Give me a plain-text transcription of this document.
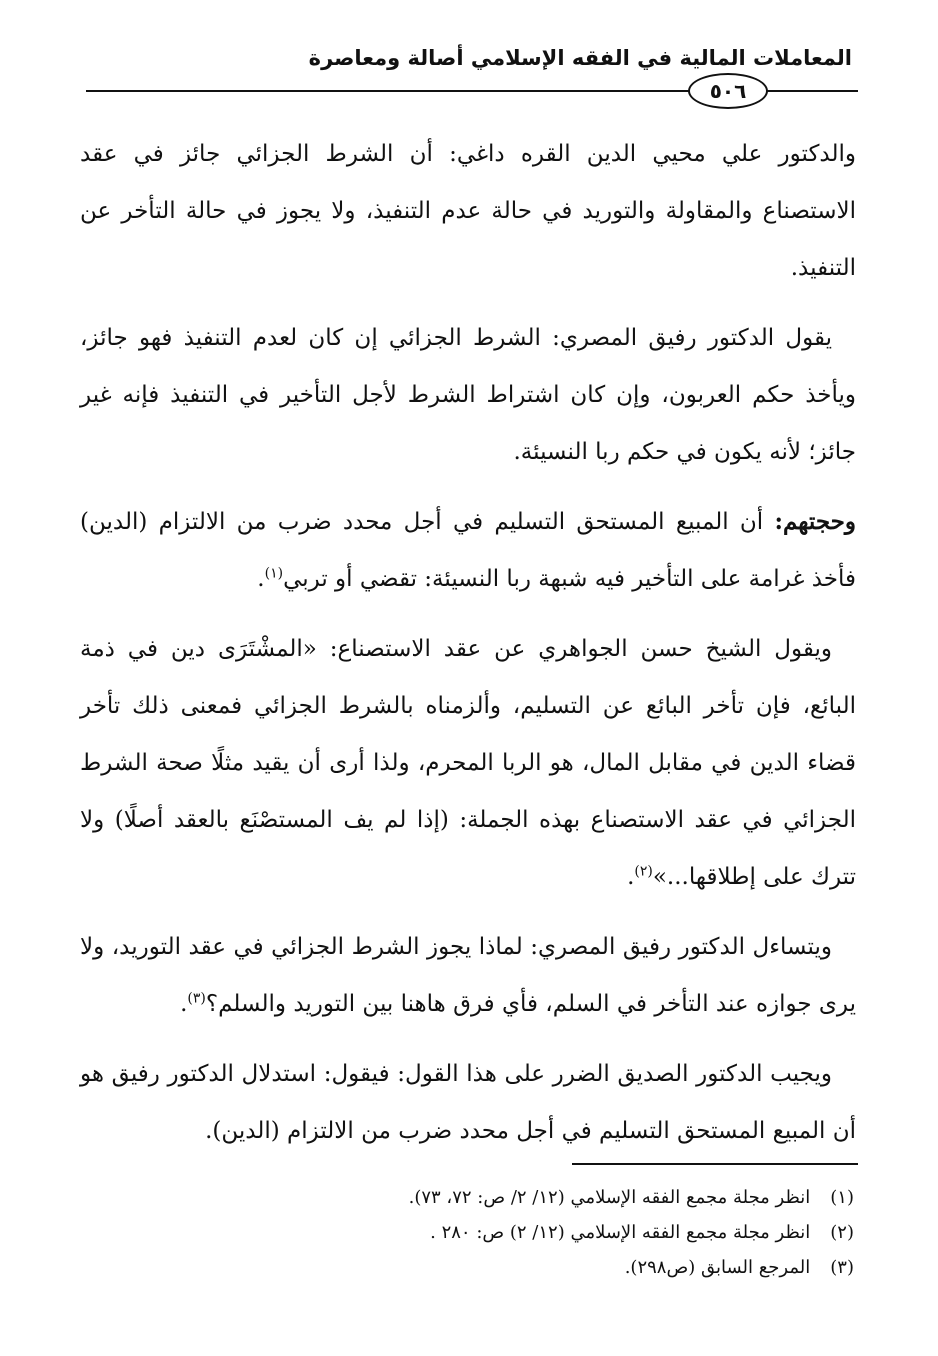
المعاملات المالية في الفقه الإسلامي أصالة ومعاصرة
٥٠٦

والدكتور علي محيي الدين القره داغي: أن الشرط الجزائي جائز في عقد الاستصناع والمقاولة والتوريد في حالة عدم التنفيذ، ولا يجوز في حالة التأخر عن التنفيذ.

يقول الدكتور رفيق المصري: الشرط الجزائي إن كان لعدم التنفيذ فهو جائز، ويأخذ حكم العربون، وإن كان اشتراط الشرط لأجل التأخير في التنفيذ فإنه غير جائز؛ لأنه يكون في حكم ربا النسيئة.

وحجتهم: أن المبيع المستحق التسليم في أجل محدد ضرب من الالتزام (الدين) فأخذ غرامة على التأخير فيه شبهة ربا النسيئة: تقضي أو تربي$^{(١)}$.

ويقول الشيخ حسن الجواهري عن عقد الاستصناع: «المشْتَرَى دين في ذمة البائع، فإن تأخر البائع عن التسليم، وألزمناه بالشرط الجزائي فمعنى ذلك تأخر قضاء الدين في مقابل المال، هو الربا المحرم، ولذا أرى أن يقيد مثلًا صحة الشرط الجزائي في عقد الاستصناع بهذه الجملة: (إذا لم يف المستصْنَع بالعقد أصلًا) ولا تترك على إطلاقها...»$^{(٢)}$.

ويتساءل الدكتور رفيق المصري: لماذا يجوز الشرط الجزائي في عقد التوريد، ولا يرى جوازه عند التأخر في السلم، فأي فرق هاهنا بين التوريد والسلم؟$^{(٣)}$.

ويجيب الدكتور الصديق الضرر على هذا القول: فيقول: استدلال الدكتور رفيق هو أن المبيع المستحق التسليم في أجل محدد ضرب من الالتزام (الدين).

(١) انظر مجلة مجمع الفقه الإسلامي (١٢/ ٢/ ص: ٧٢، ٧٣).
(٢) انظر مجلة مجمع الفقه الإسلامي (١٢/ ٢) ص: ٢٨٠ .
(٣) المرجع السابق (ص٢٩٨).
